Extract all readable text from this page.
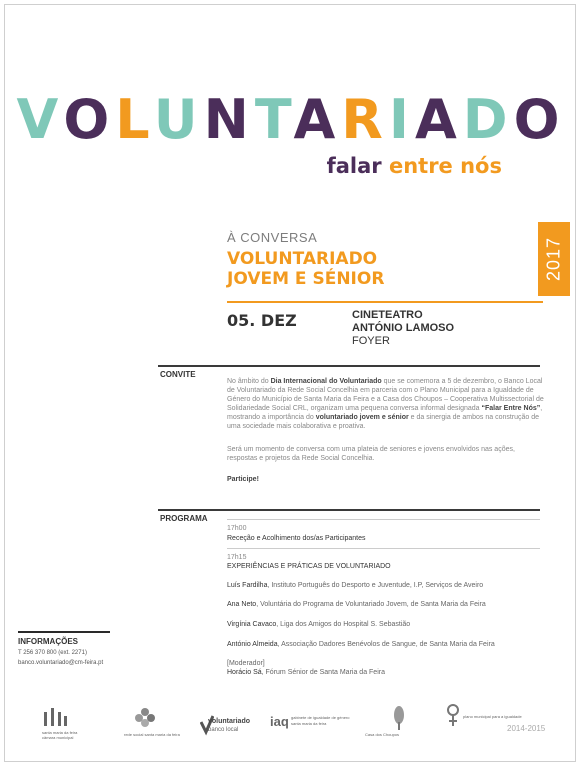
VOLUNTARIADO
falar entre nós
À CONVERSA
VOLUNTARIADO
JOVEM E SÉNIOR	2017
05. DEZ	CINETEATRO
ANTÓNIO LAMOSO
FOYER
CONVITE
No âmbito do Dia Internacional do Voluntariado que se comemora a 5 de dezembro, o Banco Local de Voluntariado da Rede Social Concelhia em parceria com o Plano Municipal para a Igualdade de Género do Município de Santa Maria da Feira e a Casa dos Choupos – Cooperativa Multissectorial de Solidariedade Social CRL, organizam uma pequena conversa informal designada “Falar Entre Nós”, mostrando a importância do voluntariado jovem e sénior e da sinergia de ambos na construção de uma sociedade mais colaborativa e proativa.
Será um momento de conversa com uma plateia de seniores e jovens envolvidos nas ações, respostas e projetos da Rede Social Concelhia.
Participe!
PROGRAMA
17h00
Receção e Acolhimento dos/as Participantes
17h15
EXPERIÊNCIAS E PRÁTICAS DE VOLUNTARIADO
Luís Fardilha, Instituto Português do Desporto e Juventude, I.P, Serviços de Aveiro
Ana Neto, Voluntária do Programa de Voluntariado Jovem, de Santa Maria da Feira
Virgínia Cavaco, Liga dos Amigos do Hospital S. Sebastião
António Almeida, Associação Dadores Benévolos de Sangue, de Santa Maria da Feira
[Moderador]
Horácio Sá, Fórum Sénior de Santa Maria da Feira
INFORMAÇÕES
T 256 370 800 (ext. 2271)
banco.voluntariado@cm-feira.pt
santa maria da feira
câmara municipal
rede social santa maria da feira
voluntariado
banco local
iaq gabinete de igualdade de género
santa maria da feira
Casa dos Choupos
plano municipal para a igualdade
2014-2015
